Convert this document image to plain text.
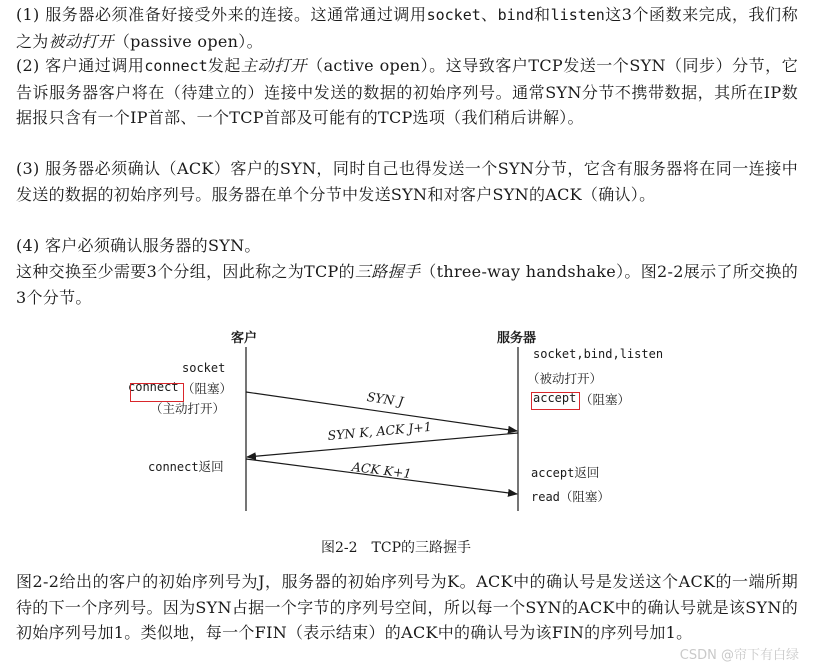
(1) 服务器必须准备好接受外来的连接。这通常通过调用socket、bind和listen这3个函数来完成，我们称之为被动打开（passive open）。
(2) 客户通过调用connect发起主动打开（active open）。这导致客户TCP发送一个SYN（同步）分节，它告诉服务器客户将在（待建立的）连接中发送的数据的初始序列号。通常SYN分节不携带数据，其所在IP数据报只含有一个IP首部、一个TCP首部及可能有的TCP选项（我们稍后讲解）。
(3) 服务器必须确认（ACK）客户的SYN，同时自己也得发送一个SYN分节，它含有服务器将在同一连接中发送的数据的初始序列号。服务器在单个分节中发送SYN和对客户SYN的ACK（确认）。
(4) 客户必须确认服务器的SYN。
这种交换至少需要3个分组，因此称之为TCP的三路握手（three-way handshake）。图2-2展示了所交换的3个分节。
客户	服务器
socket
connect （阻塞）
（主动打开）
connect返回
socket,bind,listen
（被动打开）
accept （阻塞）
accept返回
read（阻塞）
SYN J
SYN K, ACK J+1
ACK K+1
图2-2 TCP的三路握手
图2-2给出的客户的初始序列号为J，服务器的初始序列号为K。ACK中的确认号是发送这个ACK的一端所期待的下一个序列号。因为SYN占据一个字节的序列号空间，所以每一个SYN的ACK中的确认号就是该SYN的初始序列号加1。类似地，每一个FIN（表示结束）的ACK中的确认号为该FIN的序列号加1。
CSDN @帘下有白绿
